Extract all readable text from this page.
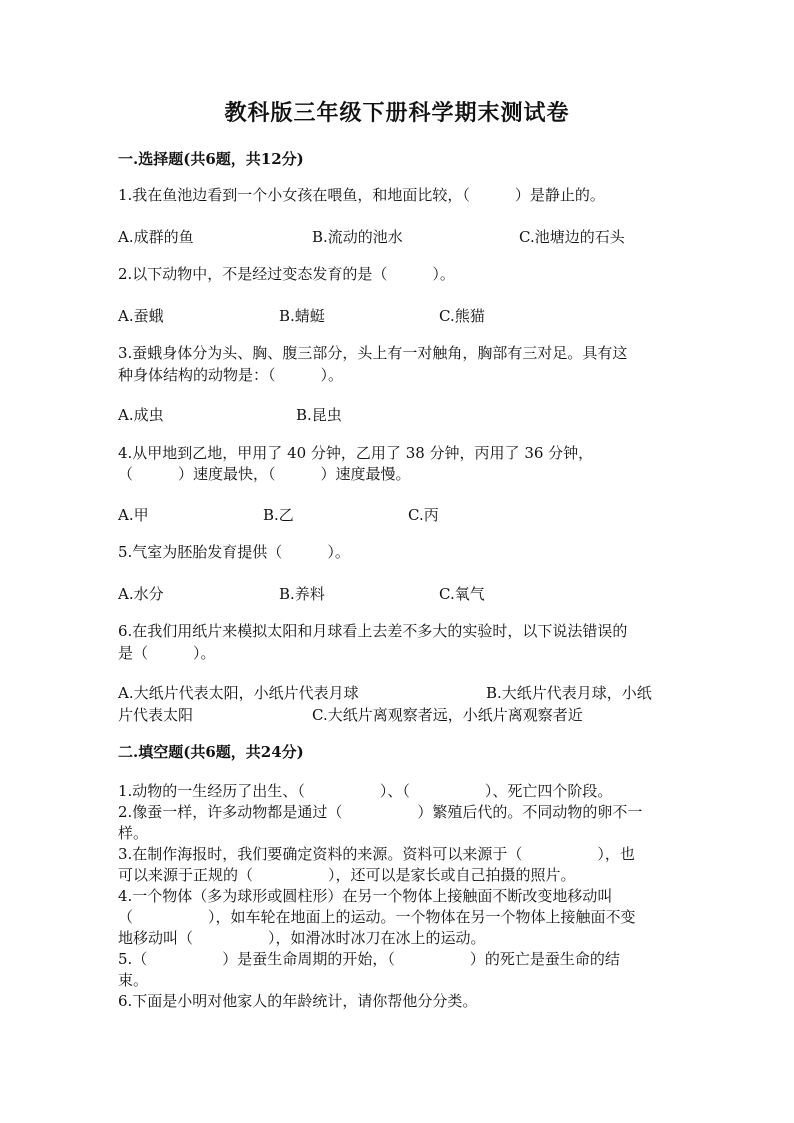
教科版三年级下册科学期末测试卷
一.选择题(共6题，共12分)
1.我在鱼池边看到一个小女孩在喂鱼，和地面比较，（　　　）是静止的。
A.成群的鱼	B.流动的池水	C.池塘边的石头
2.以下动物中，不是经过变态发育的是（　　　）。
A.蚕蛾	B.蜻蜓	C.熊猫
3.蚕蛾身体分为头、胸、腹三部分，头上有一对触角，胸部有三对足。具有这
种身体结构的动物是：（　　　）。
A.成虫	B.昆虫
4.从甲地到乙地，甲用了 40 分钟，乙用了 38 分钟，丙用了 36 分钟，
（　　　）速度最快，（　　　）速度最慢。
A.甲	B.乙	C.丙
5.气室为胚胎发育提供（　　　）。
A.水分	B.养料	C.氧气
6.在我们用纸片来模拟太阳和月球看上去差不多大的实验时，以下说法错误的
是（　　　）。
A.大纸片代表太阳，小纸片代表月球	B.大纸片代表月球，小纸
片代表太阳	C.大纸片离观察者远，小纸片离观察者近
二.填空题(共6题，共24分)
1.动物的一生经历了出生、（　　　　　）、（　　　　　）、死亡四个阶段。
2.像蚕一样，许多动物都是通过（　　　　　）繁殖后代的。不同动物的卵不一
样。
3.在制作海报时，我们要确定资料的来源。资料可以来源于（　　　　　），也
可以来源于正规的（　　　　　），还可以是家长或自己拍摄的照片。
4.一个物体（多为球形或圆柱形）在另一个物体上接触面不断改变地移动叫
（　　　　　），如车轮在地面上的运动。一个物体在另一个物体上接触面不变
地移动叫（　　　　　），如滑冰时冰刀在冰上的运动。
5.（　　　　　）是蚕生命周期的开始，（　　　　　）的死亡是蚕生命的结
束。
6.下面是小明对他家人的年龄统计，请你帮他分分类。
